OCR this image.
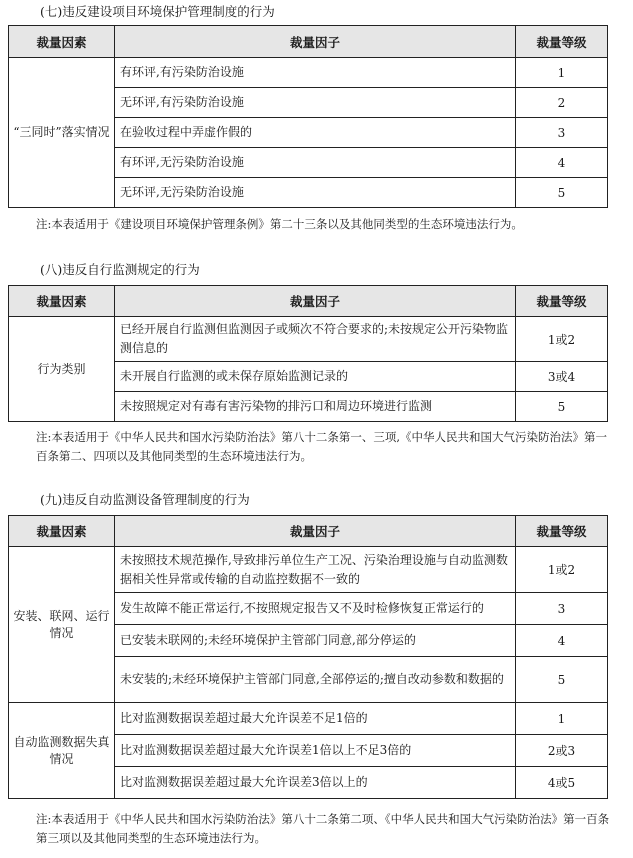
(七)违反建设项目环境保护管理制度的行为
裁量因素	裁量因子	裁量等级
“三同时”落实情况	有环评,有污染防治设施	1
	无环评,有污染防治设施	2
	在验收过程中弄虚作假的	3
	有环评,无污染防治设施	4
	无环评,无污染防治设施	5
注:本表适用于《建设项目环境保护管理条例》第二十三条以及其他同类型的生态环境违法行为。
(八)违反自行监测规定的行为
裁量因素	裁量因子	裁量等级
行为类别	已经开展自行监测但监测因子或频次不符合要求的;未按规定公开污染物监测信息的	1或2
	未开展自行监测的或未保存原始监测记录的	3或4
	未按照规定对有毒有害污染物的排污口和周边环境进行监测	5
注:本表适用于《中华人民共和国水污染防治法》第八十二条第一、三项,《中华人民共和国大气污染防治法》第一百条第二、四项以及其他同类型的生态环境违法行为。
(九)违反自动监测设备管理制度的行为
裁量因素	裁量因子	裁量等级
安装、联网、运行情况	未按照技术规范操作,导致排污单位生产工况、污染治理设施与自动监测数据相关性异常或传输的自动监控数据不一致的	1或2
	发生故障不能正常运行,不按照规定报告又不及时检修恢复正常运行的	3
	已安装未联网的;未经环境保护主管部门同意,部分停运的	4
	未安装的;未经环境保护主管部门同意,全部停运的;擅自改动参数和数据的	5
自动监测数据失真情况	比对监测数据误差超过最大允许误差不足1倍的	1
	比对监测数据误差超过最大允许误差1倍以上不足3倍的	2或3
	比对监测数据误差超过最大允许误差3倍以上的	4或5
注:本表适用于《中华人民共和国水污染防治法》第八十二条第二项、《中华人民共和国大气污染防治法》第一百条第三项以及其他同类型的生态环境违法行为。
